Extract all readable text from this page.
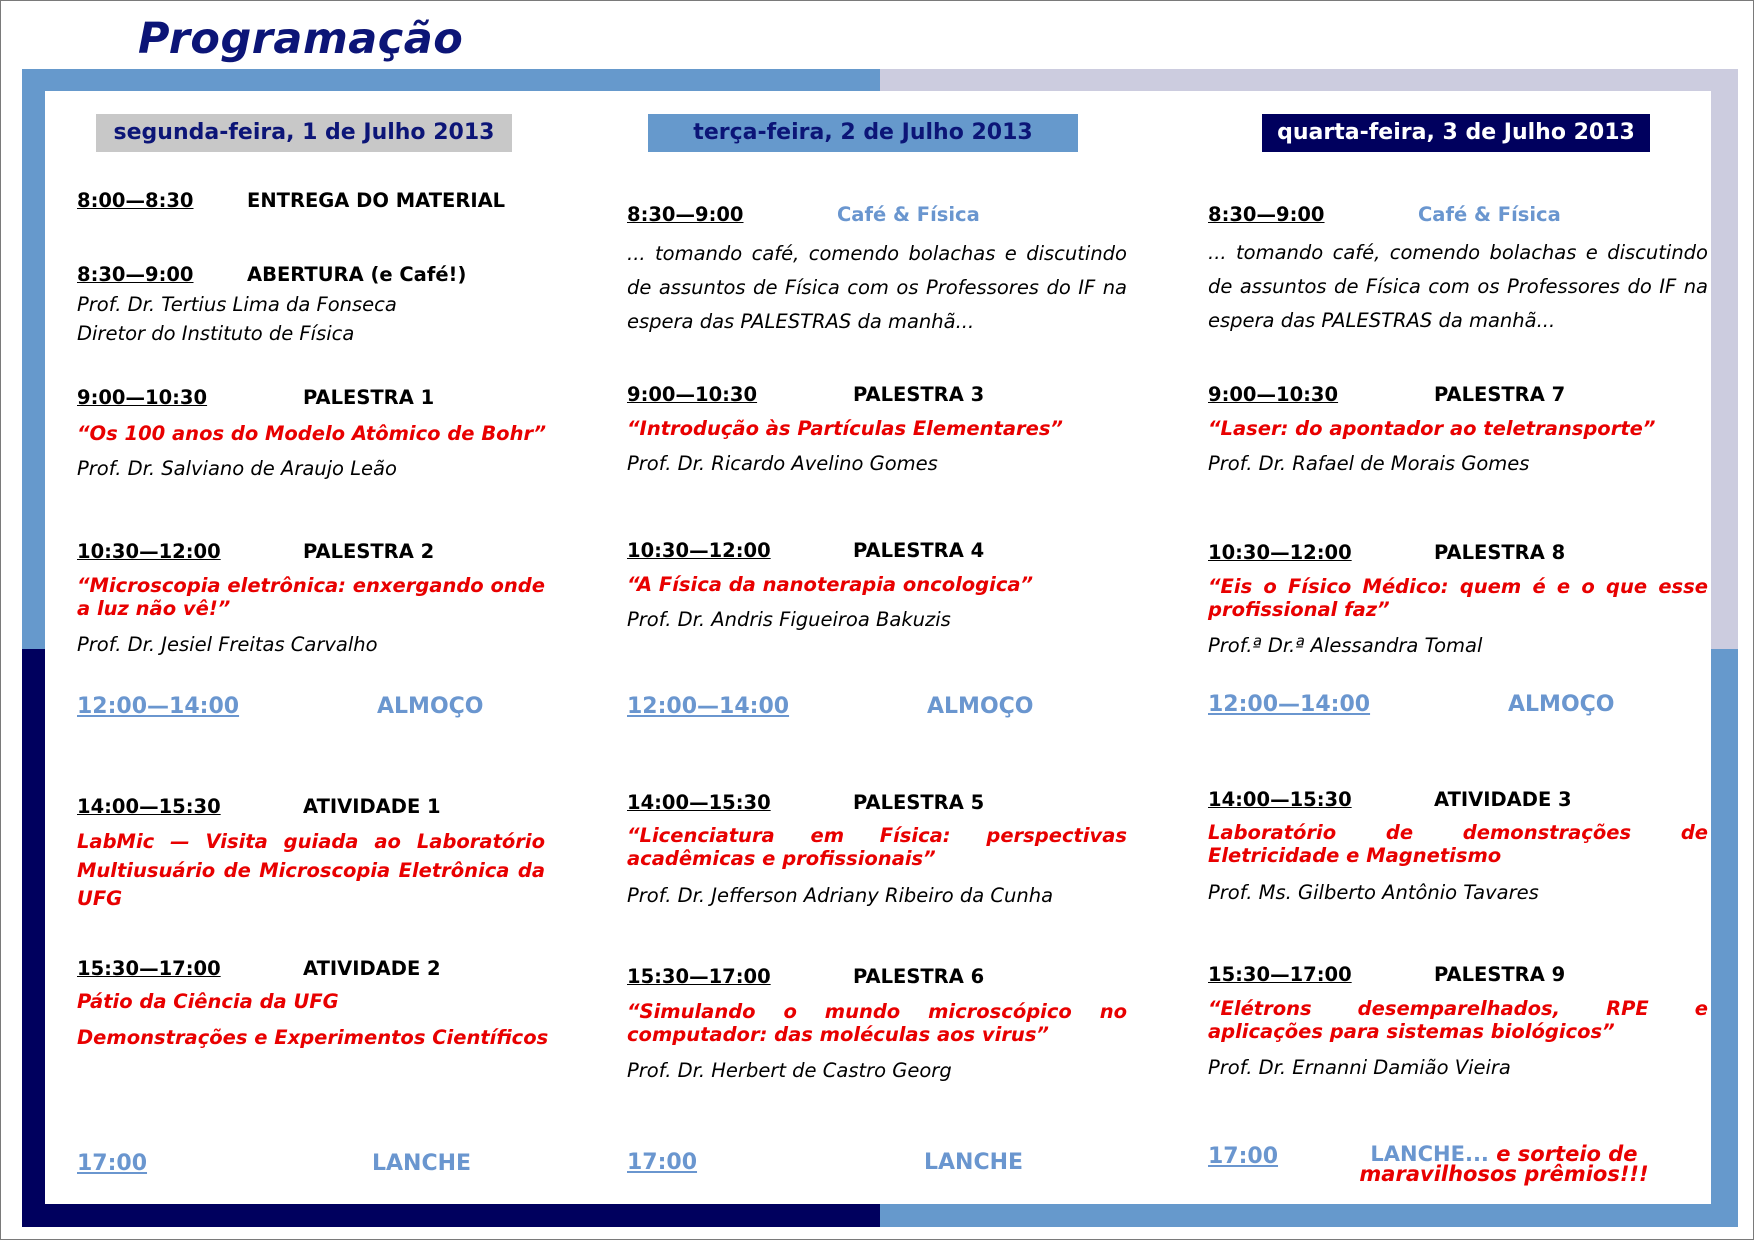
Programação
segunda-feira, 1 de Julho 2013	terça-feira, 2 de Julho 2013	quarta-feira, 3 de Julho 2013
8:00—8:30	ENTREGA DO MATERIAL
8:30—9:00	ABERTURA (e Café!)
Prof. Dr. Tertius Lima da Fonseca
Diretor do Instituto de Física
9:00—10:30	PALESTRA 1
“Os 100 anos do Modelo Atômico de Bohr”
Prof. Dr. Salviano de Araujo Leão
10:30—12:00	PALESTRA 2
“Microscopia eletrônica: enxergando onde a luz não vê!”
Prof. Dr. Jesiel Freitas Carvalho
12:00—14:00	ALMOÇO
14:00—15:30	ATIVIDADE 1
LabMic — Visita guiada ao Laboratório Multiusuário de Microscopia Eletrônica da UFG
15:30—17:00	ATIVIDADE 2
Pátio da Ciência da UFG
Demonstrações e Experimentos Científicos
17:00	LANCHE
8:30—9:00	Café & Física
... tomando café, comendo bolachas e discutindo de assuntos de Física com os Professores do IF na espera das PALESTRAS da manhã...
9:00—10:30	PALESTRA 3
“Introdução às Partículas Elementares”
Prof. Dr. Ricardo Avelino Gomes
10:30—12:00	PALESTRA 4
“A Física da nanoterapia oncologica”
Prof. Dr. Andris Figueiroa Bakuzis
12:00—14:00	ALMOÇO
14:00—15:30	PALESTRA 5
“Licenciatura em Física: perspectivas acadêmicas e profissionais”
Prof. Dr. Jefferson Adriany Ribeiro da Cunha
15:30—17:00	PALESTRA 6
“Simulando o mundo microscópico no computador: das moléculas aos virus”
Prof. Dr. Herbert de Castro Georg
17:00	LANCHE
8:30—9:00	Café & Física
... tomando café, comendo bolachas e discutindo de assuntos de Física com os Professores do IF na espera das PALESTRAS da manhã...
9:00—10:30	PALESTRA 7
“Laser: do apontador ao teletransporte”
Prof. Dr. Rafael de Morais Gomes
10:30—12:00	PALESTRA 8
“Eis o Físico Médico: quem é e o que esse profissional faz”
Prof.ª Dr.ª Alessandra Tomal
12:00—14:00	ALMOÇO
14:00—15:30	ATIVIDADE 3
Laboratório de demonstrações de Eletricidade e Magnetismo
Prof. Ms. Gilberto Antônio Tavares
15:30—17:00	PALESTRA 9
“Elétrons desemparelhados, RPE e aplicações para sistemas biológicos”
Prof. Dr. Ernanni Damião Vieira
17:00	LANCHE... e sorteio de maravilhosos prêmios!!!
